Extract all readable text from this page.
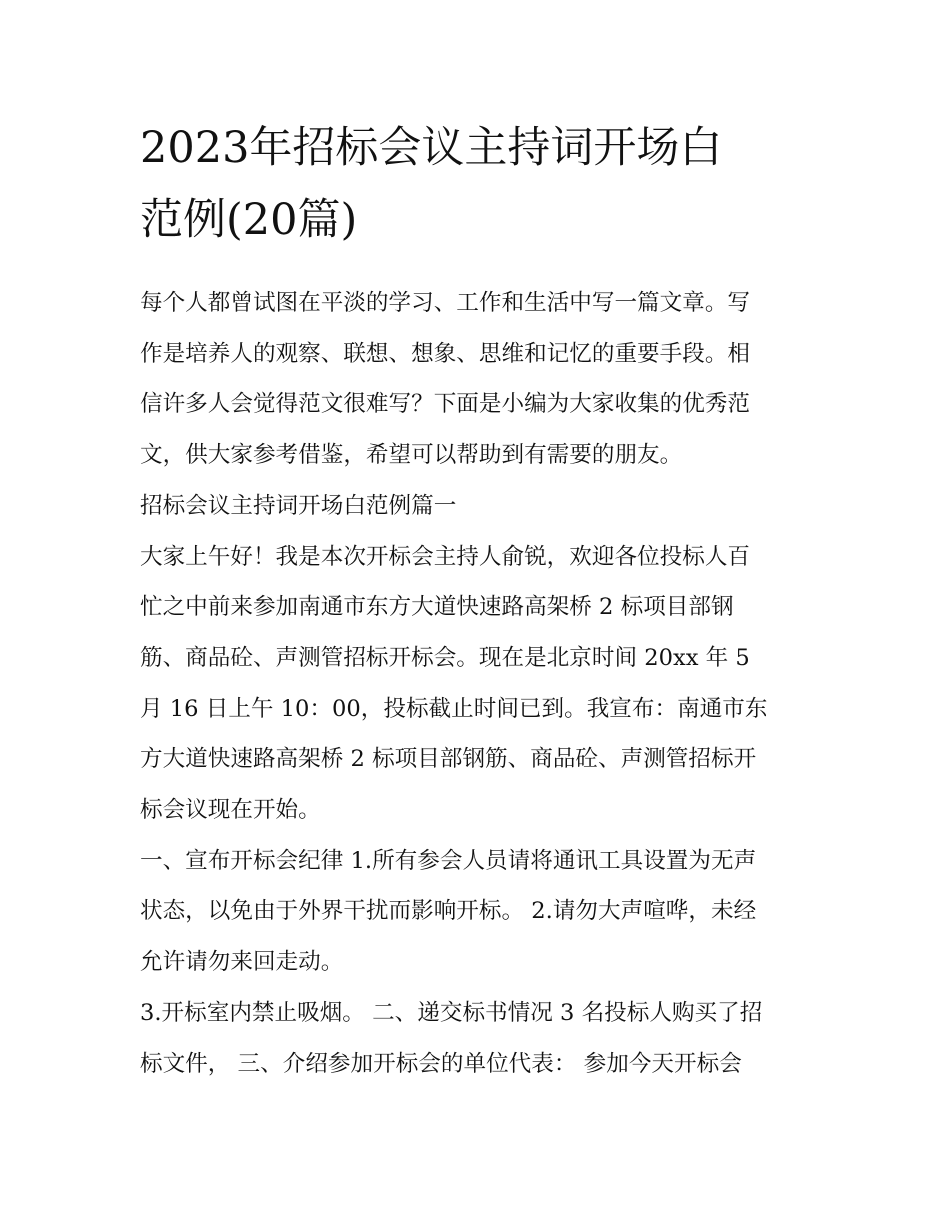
2023年招标会议主持词开场白
范例(20篇)
每个人都曾试图在平淡的学习、工作和生活中写一篇文章。写
作是培养人的观察、联想、想象、思维和记忆的重要手段。相
信许多人会觉得范文很难写？下面是小编为大家收集的优秀范
文，供大家参考借鉴，希望可以帮助到有需要的朋友。
招标会议主持词开场白范例篇一
大家上午好！我是本次开标会主持人俞锐，欢迎各位投标人百
忙之中前来参加南通市东方大道快速路高架桥 2 标项目部钢
筋、商品砼、声测管招标开标会。现在是北京时间 20xx 年 5
月 16 日上午 10：00，投标截止时间已到。我宣布：南通市东
方大道快速路高架桥 2 标项目部钢筋、商品砼、声测管招标开
标会议现在开始。
一、宣布开标会纪律 1.所有参会人员请将通讯工具设置为无声
状态，以免由于外界干扰而影响开标。 2.请勿大声喧哗，未经
允许请勿来回走动。
3.开标室内禁止吸烟。 二、递交标书情况 3 名投标人购买了招
标文件， 三、介绍参加开标会的单位代表： 参加今天开标会
